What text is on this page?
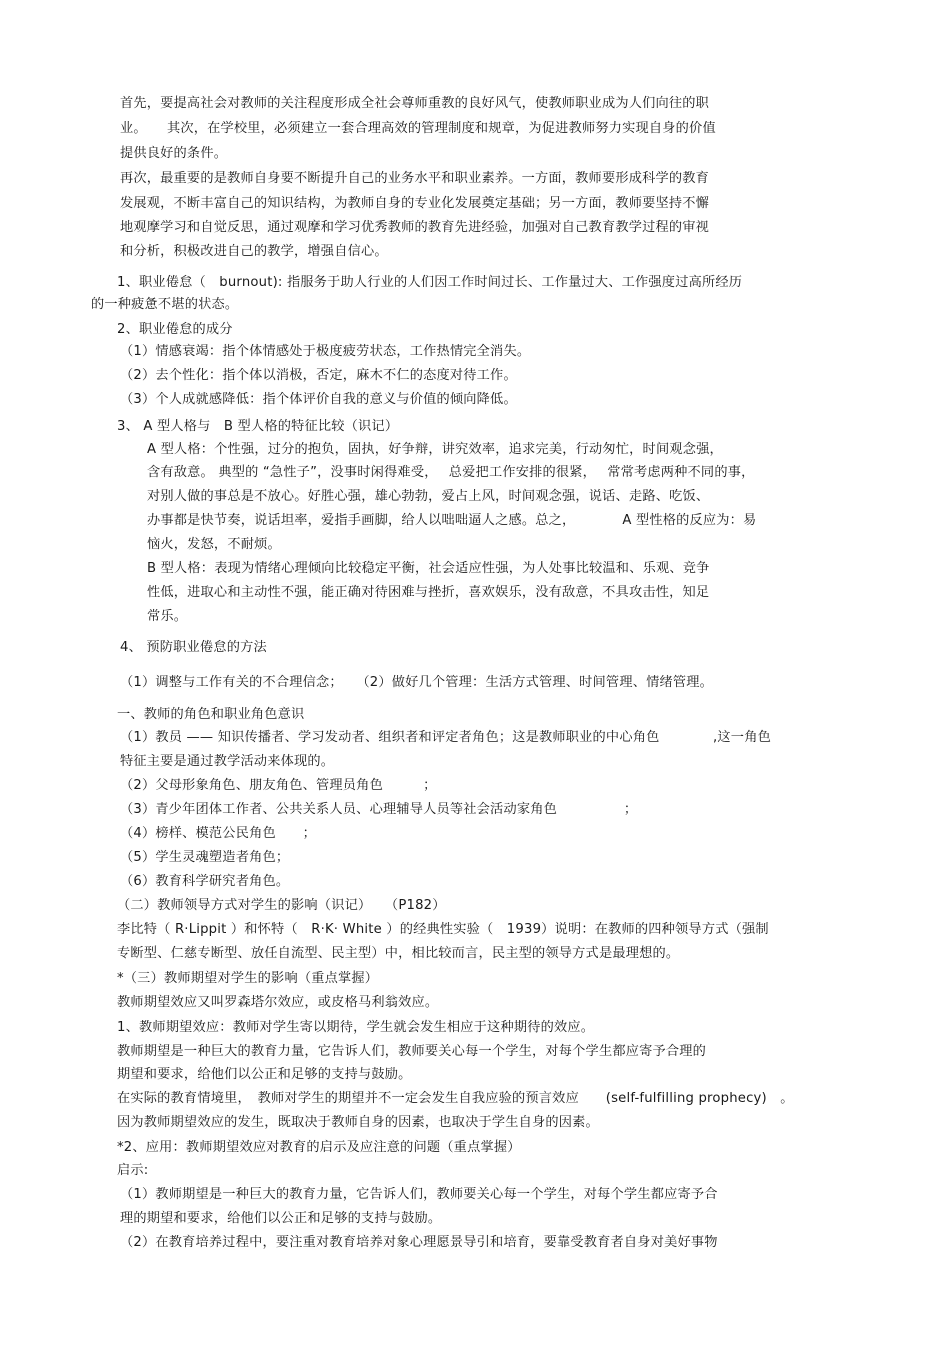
首先，要提高社会对教师的关注程度形成全社会尊师重教的良好风气，使教师职业成为人们向往的职
业。　　其次，在学校里，必须建立一套合理高效的管理制度和规章，为促进教师努力实现自身的价值
提供良好的条件。
再次，最重要的是教师自身要不断提升自己的业务水平和职业素养。一方面，教师要形成科学的教育
发展观，不断丰富自己的知识结构，为教师自身的专业化发展奠定基础；另一方面，教师要坚持不懈
地观摩学习和自觉反思，通过观摩和学习优秀教师的教育先进经验，加强对自己教育教学过程的审视
和分析，积极改进自己的教学，增强自信心。
1、职业倦怠（　burnout): 指服务于助人行业的人们因工作时间过长、工作量过大、工作强度过高所经历
的一种疲惫不堪的状态。
2、职业倦怠的成分
（1）情感衰竭：指个体情感处于极度疲劳状态，工作热情完全消失。
（2）去个性化：指个体以消极，否定，麻木不仁的态度对待工作。
（3）个人成就感降低：指个体评价自我的意义与价值的倾向降低。
3、 A 型人格与　B 型人格的特征比较（识记）
A 型人格：个性强，过分的抱负，固执，好争辩，讲究效率，追求完美，行动匆忙，时间观念强，
含有敌意。 典型的 “急性子”，没事时闲得难受，　 总爱把工作安排的很紧，　 常常考虑两种不同的事，
对别人做的事总是不放心。好胜心强，雄心勃勃，爱占上风，时间观念强，说话、走路、吃饭、
办事都是快节奏，说话坦率，爱指手画脚，给人以咄咄逼人之感。总之，　　　　A 型性格的反应为：易
恼火，发怒，不耐烦。
B 型人格：表现为情绪心理倾向比较稳定平衡，社会适应性强，为人处事比较温和、乐观、竞争
性低，进取心和主动性不强，能正确对待困难与挫折，喜欢娱乐，没有敌意，不具攻击性，知足
常乐。
4、 预防职业倦怠的方法
（1）调整与工作有关的不合理信念；　　（2）做好几个管理：生活方式管理、时间管理、情绪管理。
一、教师的角色和职业角色意识
（1）教员 —— 知识传播者、学习发动者、组织者和评定者角色；这是教师职业的中心角色　　　　,这一角色
特征主要是通过教学活动来体现的。
（2）父母形象角色、朋友角色、管理员角色　　　；
（3）青少年团体工作者、公共关系人员、心理辅导人员等社会活动家角色　　　　　；
（4）榜样、模范公民角色　　；
（5）学生灵魂塑造者角色；
（6）教育科学研究者角色。
（二）教师领导方式对学生的影响（识记）　　（P182）
李比特（ R·Lippit ）和怀特（　R·K· White ）的经典性实验（　1939）说明：在教师的四种领导方式（强制
专断型、仁慈专断型、放任自流型、民主型）中，相比较而言，民主型的领导方式是最理想的。
*（三）教师期望对学生的影响（重点掌握）
教师期望效应又叫罗森塔尔效应，或皮格马利翁效应。
1、教师期望效应：教师对学生寄以期待，学生就会发生相应于这种期待的效应。
教师期望是一种巨大的教育力量，它告诉人们，教师要关心每一个学生，对每个学生都应寄予合理的
期望和要求，给他们以公正和足够的支持与鼓励。
在实际的教育情境里，　教师对学生的期望并不一定会发生自我应验的预言效应　　(self-fulfilling prophecy)　。
因为教师期望效应的发生，既取决于教师自身的因素，也取决于学生自身的因素。
*2、应用：教师期望效应对教育的启示及应注意的问题（重点掌握）
启示:
（1）教师期望是一种巨大的教育力量，它告诉人们，教师要关心每一个学生，对每个学生都应寄予合
理的期望和要求，给他们以公正和足够的支持与鼓励。
（2）在教育培养过程中，要注重对教育培养对象心理愿景导引和培育，要靠受教育者自身对美好事物
